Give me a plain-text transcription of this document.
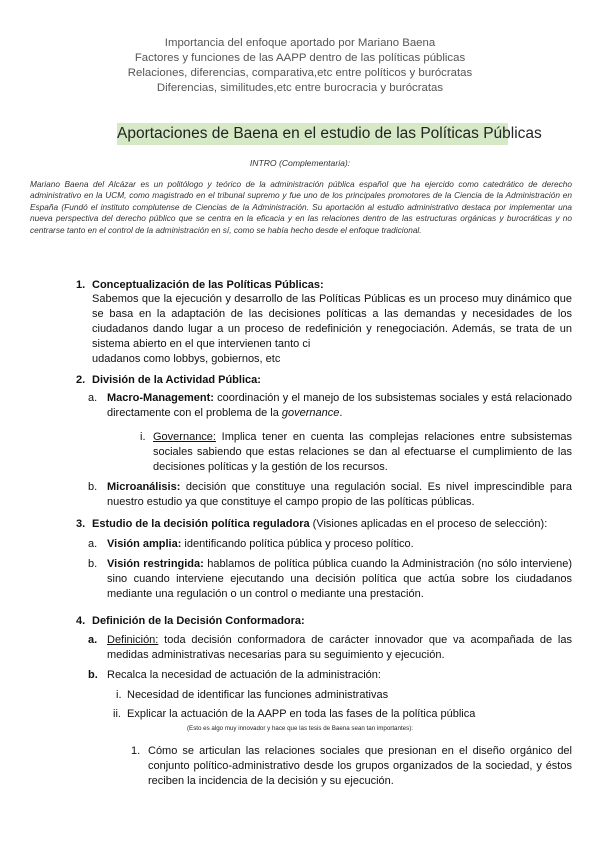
Importancia del enfoque aportado por Mariano Baena
Factores y funciones de las AAPP dentro de las políticas públicas
Relaciones, diferencias, comparativa,etc entre políticos y burócratas
Diferencias, similitudes,etc entre burocracia y burócratas
Aportaciones de Baena en el estudio de las Políticas Públicas
INTRO (Complementaria):
Mariano Baena del Alcázar es un politólogo y teórico de la administración pública español que ha ejercido como catedrático de derecho administrativo en la UCM, como magistrado en el tribunal supremo y fue uno de los principales promotores de la Ciencia de la Administración en España (Fundó el instituto complutense de Ciencias de la Administración. Su aportación al estudio administrativo destaca por implementar una nueva perspectiva del derecho público que se centra en la eficacia y en las relaciones dentro de las estructuras orgánicas y burocráticas y no centrarse tanto en el control de la administración en sí, como se había hecho desde el enfoque tradicional.
1. Conceptualización de las Políticas Públicas:
Sabemos que la ejecución y desarrollo de las Políticas Públicas es un proceso muy dinámico que se basa en la adaptación de las decisiones políticas a las demandas y necesidades de los ciudadanos dando lugar a un proceso de redefinición y renegociación. Además, se trata de un sistema abierto en el que intervienen tanto ci
udadanos como lobbys, gobiernos, etc
2. División de la Actividad Pública:
a. Macro-Management: coordinación y el manejo de los subsistemas sociales y está relacionado directamente con el problema de la governance.
i. Governance: Implica tener en cuenta las complejas relaciones entre subsistemas sociales sabiendo que estas relaciones se dan al efectuarse el cumplimiento de las decisiones políticas y la gestión de los recursos.
b. Microanálisis: decisión que constituye una regulación social. Es nivel imprescindible para nuestro estudio ya que constituye el campo propio de las políticas públicas.
3. Estudio de la decisión política reguladora (Visiones aplicadas en el proceso de selección):
a. Visión amplia: identificando política pública y proceso político.
b. Visión restringida: hablamos de política pública cuando la Administración (no sólo interviene) sino cuando interviene ejecutando una decisión política que actúa sobre los ciudadanos mediante una regulación o un control o mediante una prestación.
4. Definición de la Decisión Conformadora:
a. Definición: toda decisión conformadora de carácter innovador que va acompañada de las medidas administrativas necesarias para su seguimiento y ejecución.
b. Recalca la necesidad de actuación de la administración:
i. Necesidad de identificar las funciones administrativas
ii. Explicar la actuación de la AAPP en toda las fases de la política pública
(Esto es algo muy innovador y hace que las tesis de Baena sean tan importantes):
1. Cómo se articulan las relaciones sociales que presionan en el diseño orgánico del conjunto político-administrativo desde los grupos organizados de la sociedad, y éstos reciben la incidencia de la decisión y su ejecución.
